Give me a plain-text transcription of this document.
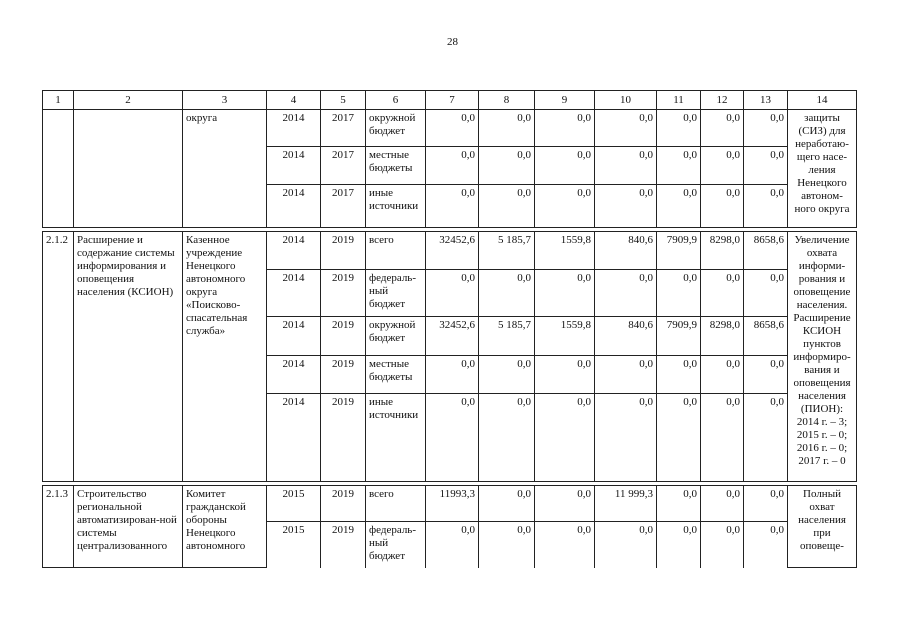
28
1	2	3	4	5	6	7	8	9	10	11	12	13	14
		округа	2014	2017	окружной бюджет	0,0	0,0	0,0	0,0	0,0	0,0	0,0	защиты (СИЗ) для неработаю-щего насе-ления Ненецкого автоном-ного округа
			2014	2017	местные бюджеты	0,0	0,0	0,0	0,0	0,0	0,0	0,0	
			2014	2017	иные источники	0,0	0,0	0,0	0,0	0,0	0,0	0,0	

2.1.2	Расширение и содержание системы информирования и оповещения населения (КСИОН)	Казенное учреждение Ненецкого автономного округа «Поисково-спасательная служба»	2014	2019	всего	32452,6	5 185,7	1559,8	840,6	7909,9	8298,0	8658,6	Увеличение охвата информи-рования и оповещение населения. Расширение КСИОН пунктов информиро-вания и оповещения населения (ПИОН): 2014 г. – 3; 2015 г. – 0; 2016 г. – 0; 2017 г. – 0
			2014	2019	федераль-ный бюджет	0,0	0,0	0,0	0,0	0,0	0,0	0,0	
			2014	2019	окружной бюджет	32452,6	5 185,7	1559,8	840,6	7909,9	8298,0	8658,6	
			2014	2019	местные бюджеты	0,0	0,0	0,0	0,0	0,0	0,0	0,0	
			2014	2019	иные источники	0,0	0,0	0,0	0,0	0,0	0,0	0,0	

2.1.3	Строительство региональной автоматизирован-ной системы централизованного	Комитет гражданской обороны Ненецкого автономного	2015	2019	всего	11993,3	0,0	0,0	11 999,3	0,0	0,0	0,0	Полный охват населения при оповеще-
			2015	2019	федераль-ный бюджет	0,0	0,0	0,0	0,0	0,0	0,0	0,0	
